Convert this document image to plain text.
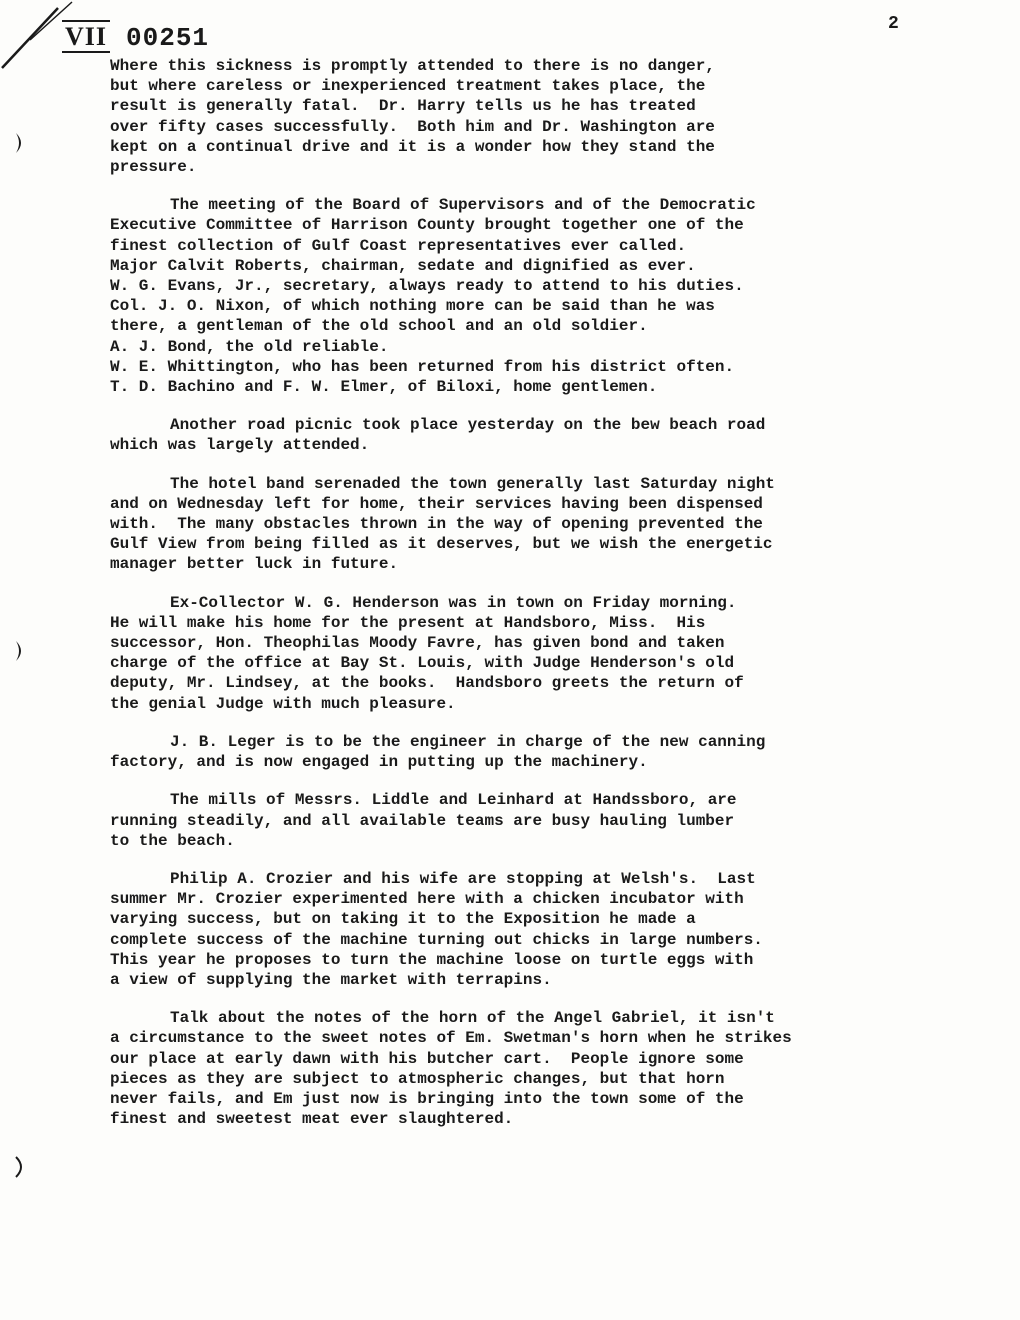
VII 00251	2
Where this sickness is promptly attended to there is no danger,
but where careless or inexperienced treatment takes place, the
result is generally fatal.  Dr. Harry tells us he has treated
over fifty cases successfully.  Both him and Dr. Washington are
kept on a continual drive and it is a wonder how they stand the
pressure.
The meeting of the Board of Supervisors and of the Democratic
Executive Committee of Harrison County brought together one of the
finest collection of Gulf Coast representatives ever called.
Major Calvit Roberts, chairman, sedate and dignified as ever.
W. G. Evans, Jr., secretary, always ready to attend to his duties.
Col. J. O. Nixon, of which nothing more can be said than he was
there, a gentleman of the old school and an old soldier.
A. J. Bond, the old reliable.
W. E. Whittington, who has been returned from his district often.
T. D. Bachino and F. W. Elmer, of Biloxi, home gentlemen.
Another road picnic took place yesterday on the bew beach road
which was largely attended.
The hotel band serenaded the town generally last Saturday night
and on Wednesday left for home, their services having been dispensed
with.  The many obstacles thrown in the way of opening prevented the
Gulf View from being filled as it deserves, but we wish the energetic
manager better luck in future.
Ex-Collector W. G. Henderson was in town on Friday morning.
He will make his home for the present at Handsboro, Miss.  His
successor, Hon. Theophilas Moody Favre, has given bond and taken
charge of the office at Bay St. Louis, with Judge Henderson's old
deputy, Mr. Lindsey, at the books.  Handsboro greets the return of
the genial Judge with much pleasure.
J. B. Leger is to be the engineer in charge of the new canning
factory, and is now engaged in putting up the machinery.
The mills of Messrs. Liddle and Leinhard at Handssboro, are
running steadily, and all available teams are busy hauling lumber
to the beach.
Philip A. Crozier and his wife are stopping at Welsh's.  Last
summer Mr. Crozier experimented here with a chicken incubator with
varying success, but on taking it to the Exposition he made a
complete success of the machine turning out chicks in large numbers.
This year he proposes to turn the machine loose on turtle eggs with
a view of supplying the market with terrapins.
Talk about the notes of the horn of the Angel Gabriel, it isn't
a circumstance to the sweet notes of Em. Swetman's horn when he strikes
our place at early dawn with his butcher cart.  People ignore some
pieces as they are subject to atmospheric changes, but that horn
never fails, and Em just now is bringing into the town some of the
finest and sweetest meat ever slaughtered.
